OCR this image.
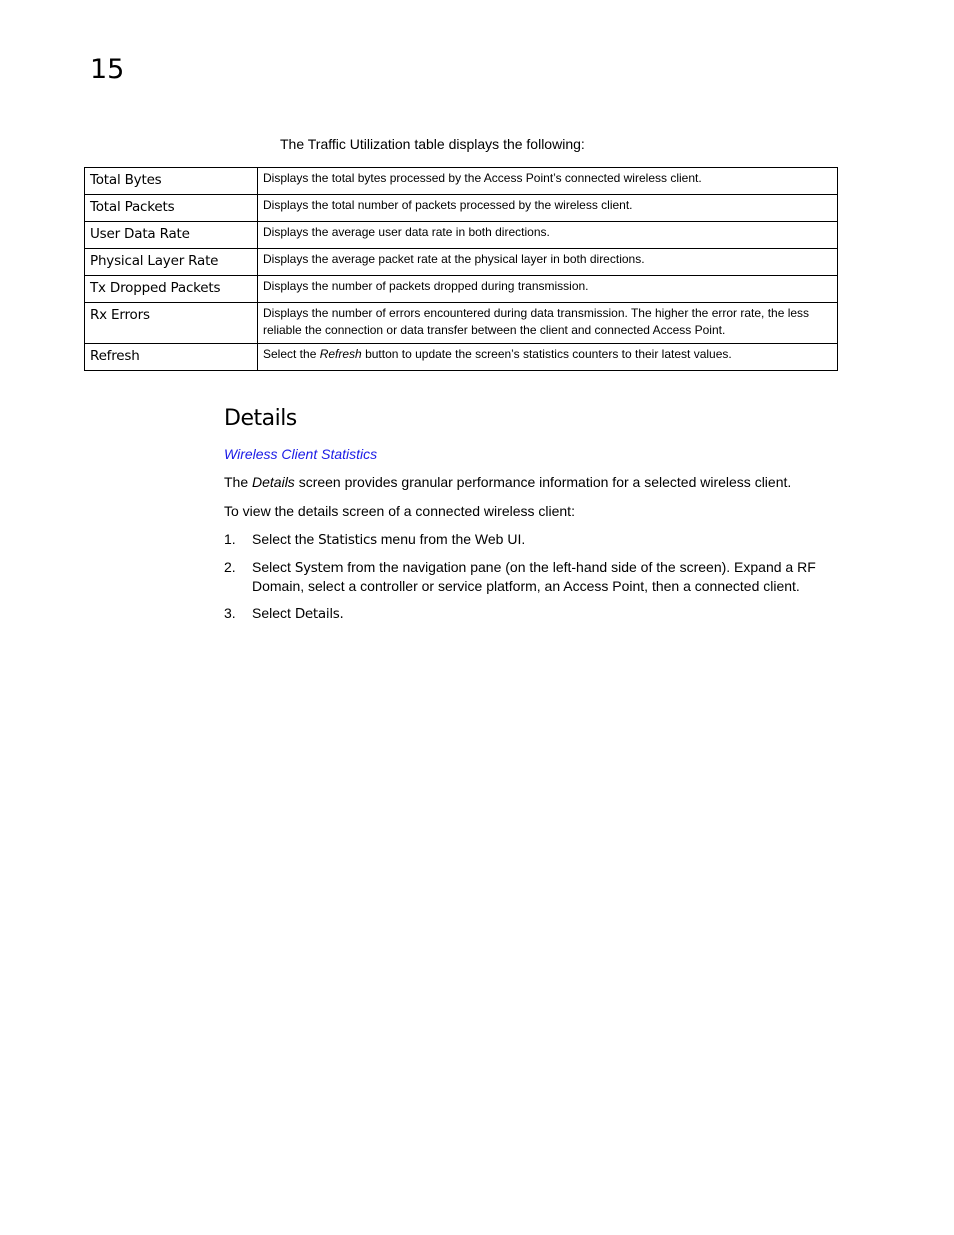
15
The Traffic Utilization table displays the following:
Total Bytes	Displays the total bytes processed by the Access Point’s connected wireless client.
Total Packets	Displays the total number of packets processed by the wireless client.
User Data Rate	Displays the average user data rate in both directions.
Physical Layer Rate	Displays the average packet rate at the physical layer in both directions.
Tx Dropped Packets	Displays the number of packets dropped during transmission.
Rx Errors	Displays the number of errors encountered during data transmission. The higher the error rate, the less reliable the connection or data transfer between the client and connected Access Point.
Refresh	Select the Refresh button to update the screen’s statistics counters to their latest values.
Details
Wireless Client Statistics
The Details screen provides granular performance information for a selected wireless client.
To view the details screen of a connected wireless client:
1. Select the Statistics menu from the Web UI.
2. Select System from the navigation pane (on the left-hand side of the screen). Expand a RF Domain, select a controller or service platform, an Access Point, then a connected client.
3. Select Details.
